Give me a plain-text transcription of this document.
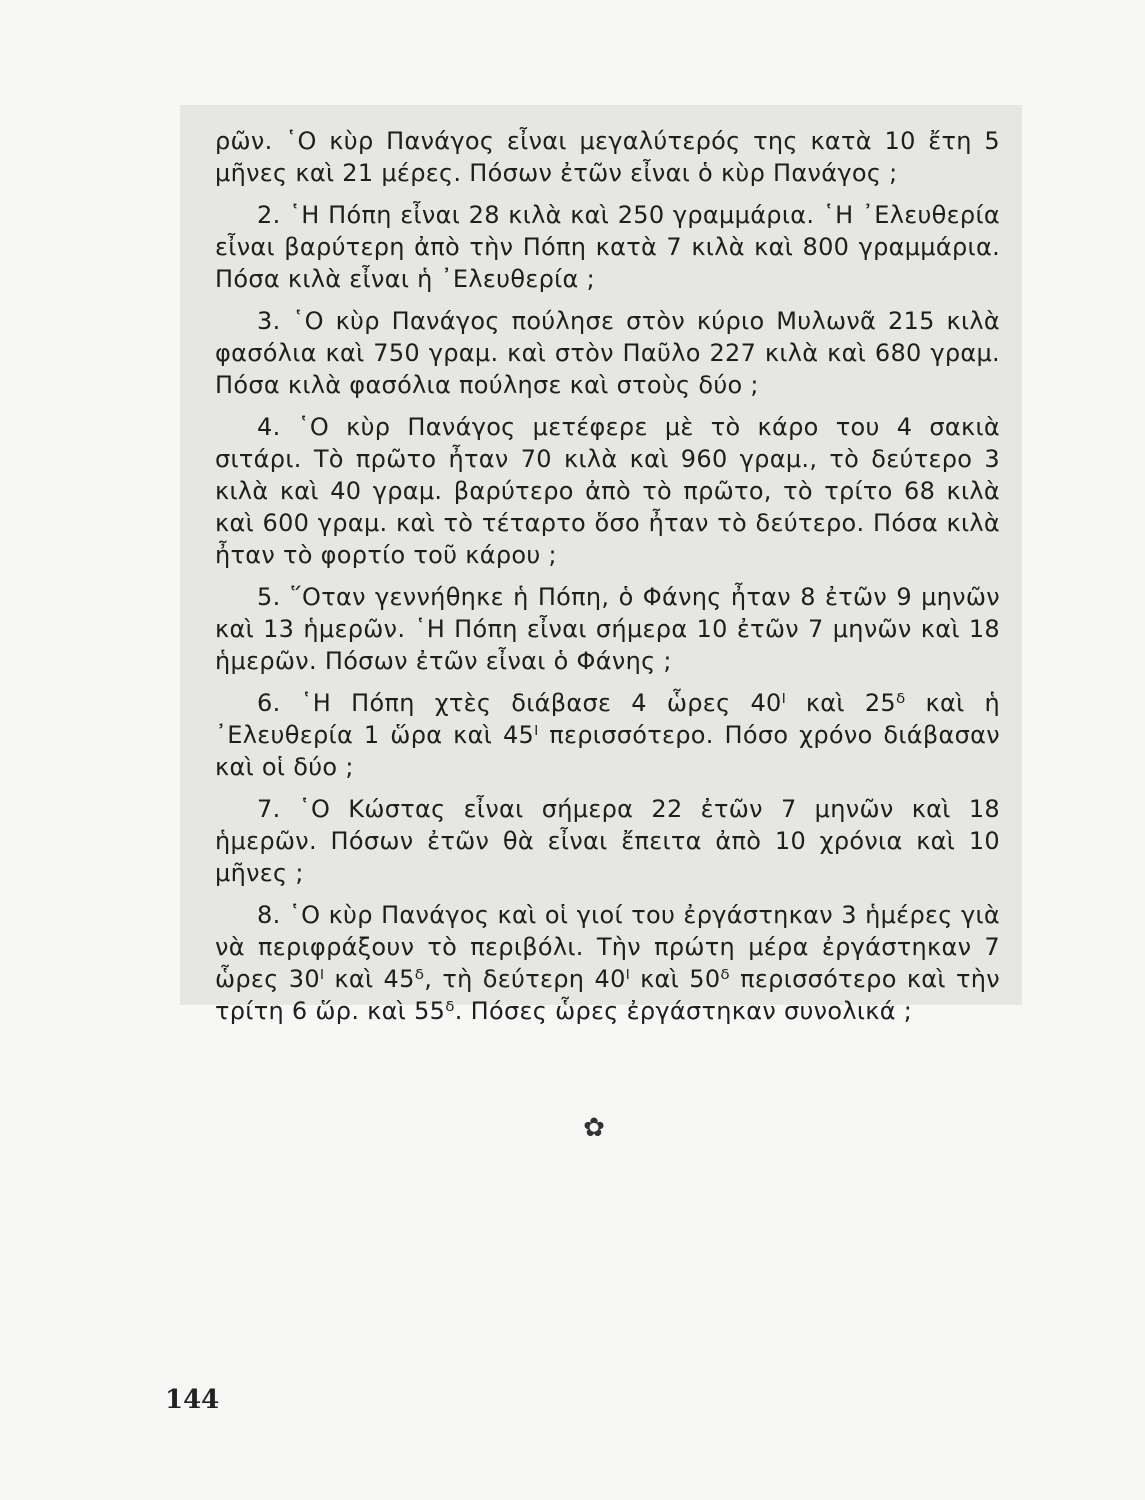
ρῶν. ῾Ο κὺρ Πανάγος εἶναι μεγαλύτερός της κατὰ 10 ἔτη 5 μῆνες καὶ 21 μέρες. Πόσων ἐτῶν εἶναι ὁ κὺρ Πανάγος ;

2. ῾Η Πόπη εἶναι 28 κιλὰ καὶ 250 γραμμάρια. ῾Η ᾿Ελευθερία εἶναι βαρύτερη ἀπὸ τὴν Πόπη κατὰ 7 κιλὰ καὶ 800 γραμμάρια. Πόσα κιλὰ εἶναι ἡ ᾿Ελευθερία ;

3. ῾Ο κὺρ Πανάγος πούλησε στὸν κύριο Μυλωνᾶ 215 κιλὰ φασόλια καὶ 750 γραμ. καὶ στὸν Παῦλο 227 κιλὰ καὶ 680 γραμ. Πόσα κιλὰ φασόλια πούλησε καὶ στοὺς δύο ;

4. ῾Ο κὺρ Πανάγος μετέφερε μὲ τὸ κάρο του 4 σακιὰ σιτάρι. Τὸ πρῶτο ἦταν 70 κιλὰ καὶ 960 γραμ., τὸ δεύτερο 3 κιλὰ καὶ 40 γραμ. βαρύτερο ἀπὸ τὸ πρῶτο, τὸ τρίτο 68 κιλὰ καὶ 600 γραμ. καὶ τὸ τέταρτο ὅσο ἦταν τὸ δεύτερο. Πόσα κιλὰ ἦταν τὸ φορτίο τοῦ κάρου ;

5. ῞Οταν γεννήθηκε ἡ Πόπη, ὁ Φάνης ἦταν 8 ἐτῶν 9 μηνῶν καὶ 13 ἡμερῶν. ῾Η Πόπη εἶναι σήμερα 10 ἐτῶν 7 μηνῶν καὶ 18 ἡμερῶν. Πόσων ἐτῶν εἶναι ὁ Φάνης ;

6. ῾Η Πόπη χτὲς διάβασε 4 ὧρες 40ˡ καὶ 25ᵟ καὶ ἡ ᾿Ελευθερία 1 ὥρα καὶ 45ˡ περισσότερο. Πόσο χρόνο διάβασαν καὶ οἱ δύο ;

7. ῾Ο Κώστας εἶναι σήμερα 22 ἐτῶν 7 μηνῶν καὶ 18 ἡμερῶν. Πόσων ἐτῶν θὰ εἶναι ἔπειτα ἀπὸ 10 χρόνια καὶ 10 μῆνες ;

8. ῾Ο κὺρ Πανάγος καὶ οἱ γιοί του ἐργάστηκαν 3 ἡμέρες γιὰ νὰ περιφράξουν τὸ περιβόλι. Τὴν πρώτη μέρα ἐργάστηκαν 7 ὧρες 30ˡ καὶ 45ᵟ, τὴ δεύτερη 40ˡ καὶ 50ᵟ περισσότερο καὶ τὴν τρίτη 6 ὥρ. καὶ 55ᵟ. Πόσες ὧρες ἐργάστηκαν συνολικά ;

✿
144
